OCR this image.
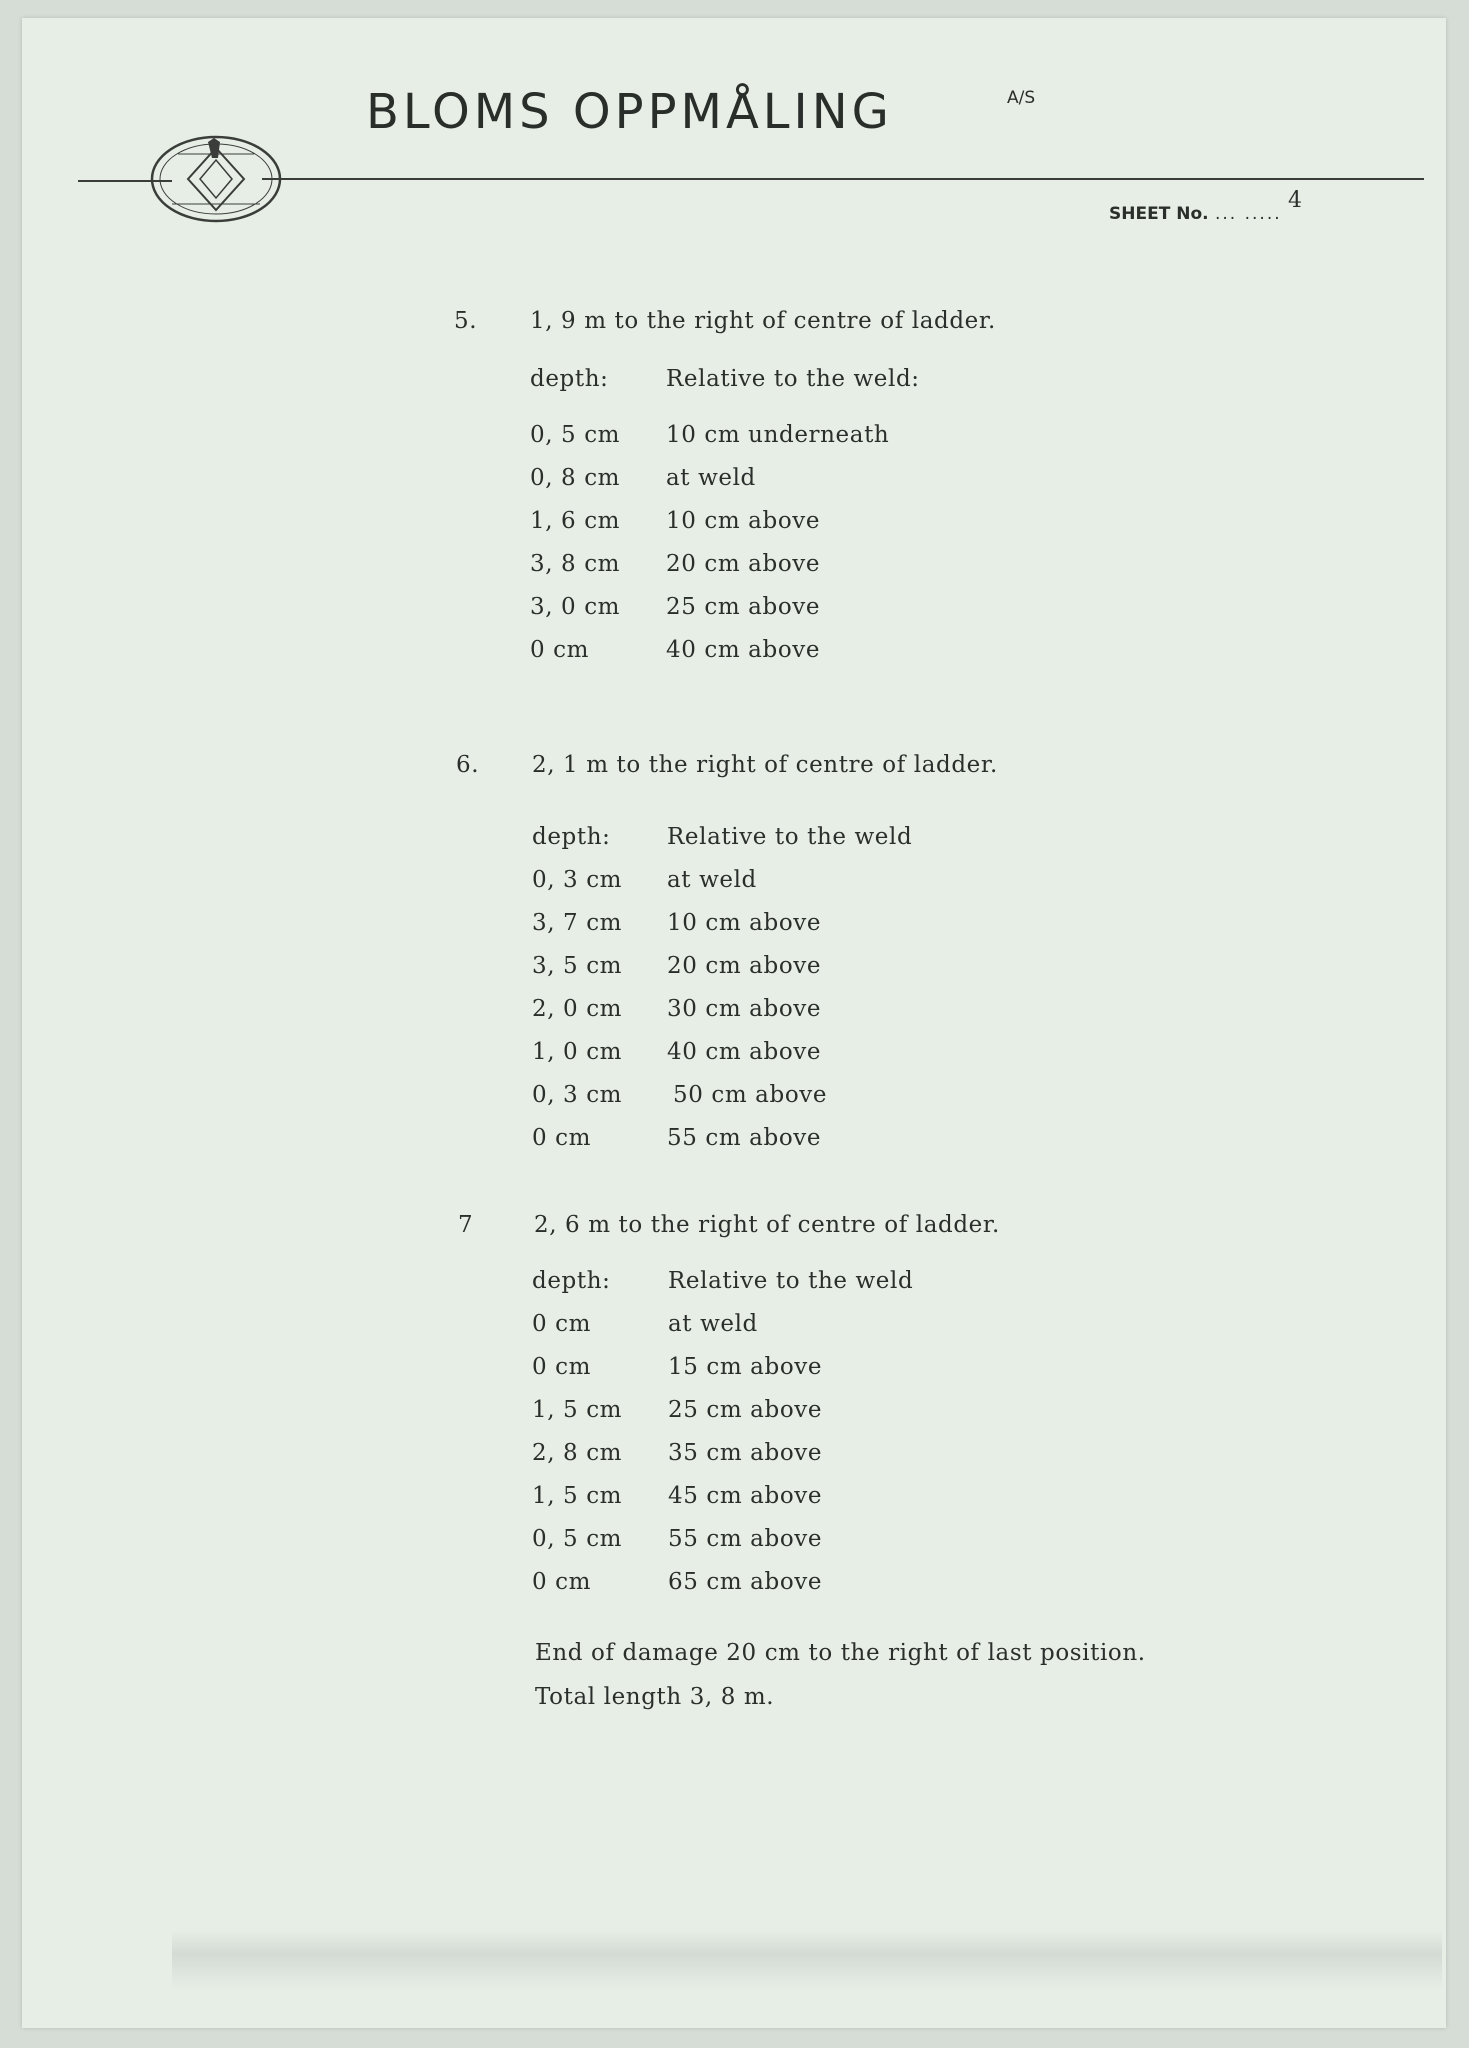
BLOMS OPPMÅLING	A/S
SHEET No. ... .....
4
5. 1, 9 m to the right of centre of ladder.
depth:	Relative to the weld:
0, 5 cm 10 cm underneath
0, 8 cm at weld
1, 6 cm 10 cm above
3, 8 cm 20 cm above
3, 0 cm 25 cm above
0 cm	40 cm above
6. 2, 1 m to the right of centre of ladder.
depth: Relative to the weld
0, 3 cm at weld
3, 7 cm 10 cm above
3, 5 cm 20 cm above
2, 0 cm 30 cm above
1, 0 cm 40 cm above
0, 3 cm 50 cm above
0 cm	55 cm above
7	2, 6 m to the right of centre of ladder.
depth:	Relative to the weld
0 cm	at weld
0 cm	15 cm above
1, 5 cm 25 cm above
2, 8 cm 35 cm above
1, 5 cm 45 cm above
0, 5 cm 55 cm above
0 cm	65 cm above
End of damage 20 cm to the right of last position.
Total length 3, 8 m.
